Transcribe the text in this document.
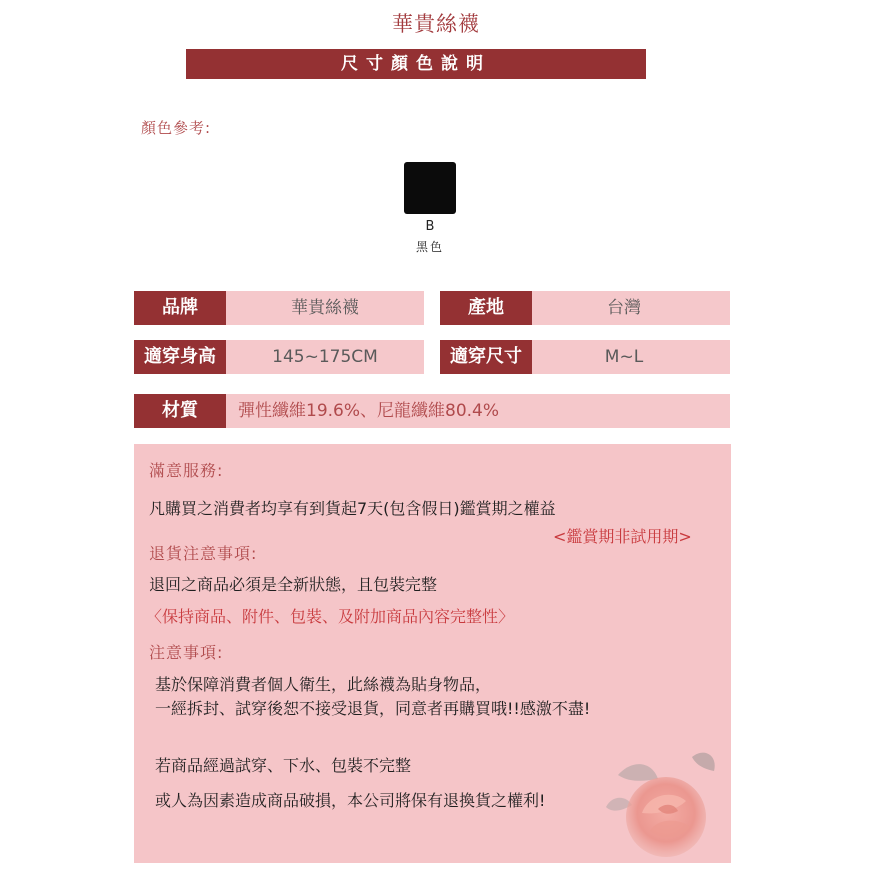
華貴絲襪
尺寸顏色說明
顏色參考:
B
黑色
品牌	華貴絲襪	產地	台灣
適穿身高	145~175CM	適穿尺寸	M~L
材質	彈性纖維19.6%、尼龍纖維80.4%
滿意服務:
凡購買之消費者均享有到貨起7天(包含假日)鑑賞期之權益
<鑑賞期非試用期>
退貨注意事項:
退回之商品必須是全新狀態，且包裝完整
〈保持商品、附件、包裝、及附加商品內容完整性〉
注意事項:
基於保障消費者個人衛生，此絲襪為貼身物品，
一經拆封、試穿後恕不接受退貨，同意者再購買哦!!感激不盡!
若商品經過試穿、下水、包裝不完整
或人為因素造成商品破損，本公司將保有退換貨之權利!
